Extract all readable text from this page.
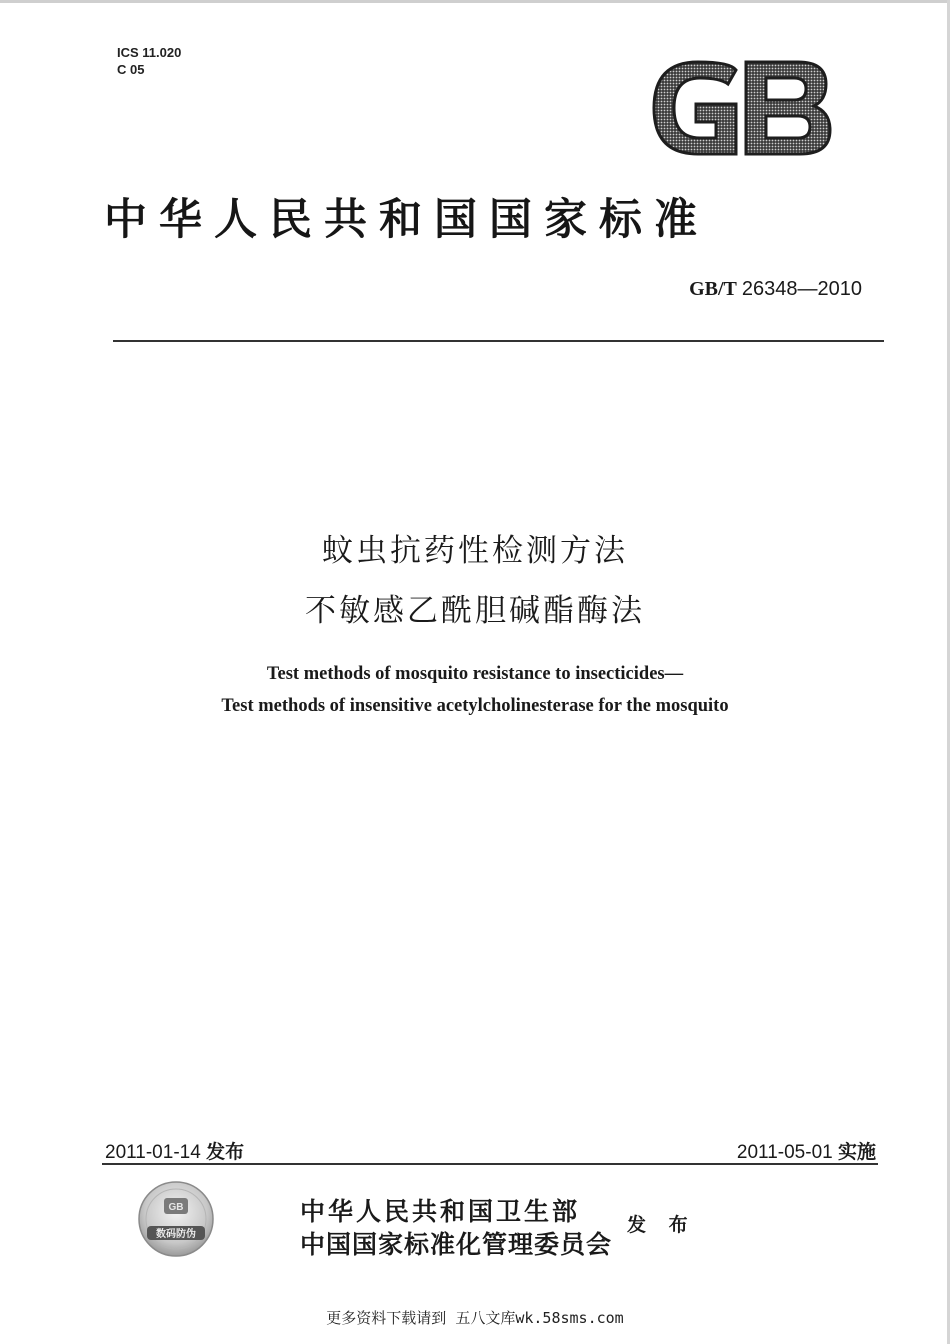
ICS 11.020
C 05
GB
中华人民共和国国家标准
GB/T 26348—2010
蚊虫抗药性检测方法
不敏感乙酰胆碱酯酶法
Test methods of mosquito resistance to insecticides—
Test methods of insensitive acetylcholinesterase for the mosquito
2011-01-14 发布	2011-05-01 实施
GB
数码防伪
中华人民共和国卫生部
中国国家标准化管理委员会
发 布
更多资料下载请到 五八文库wk.58sms.com
